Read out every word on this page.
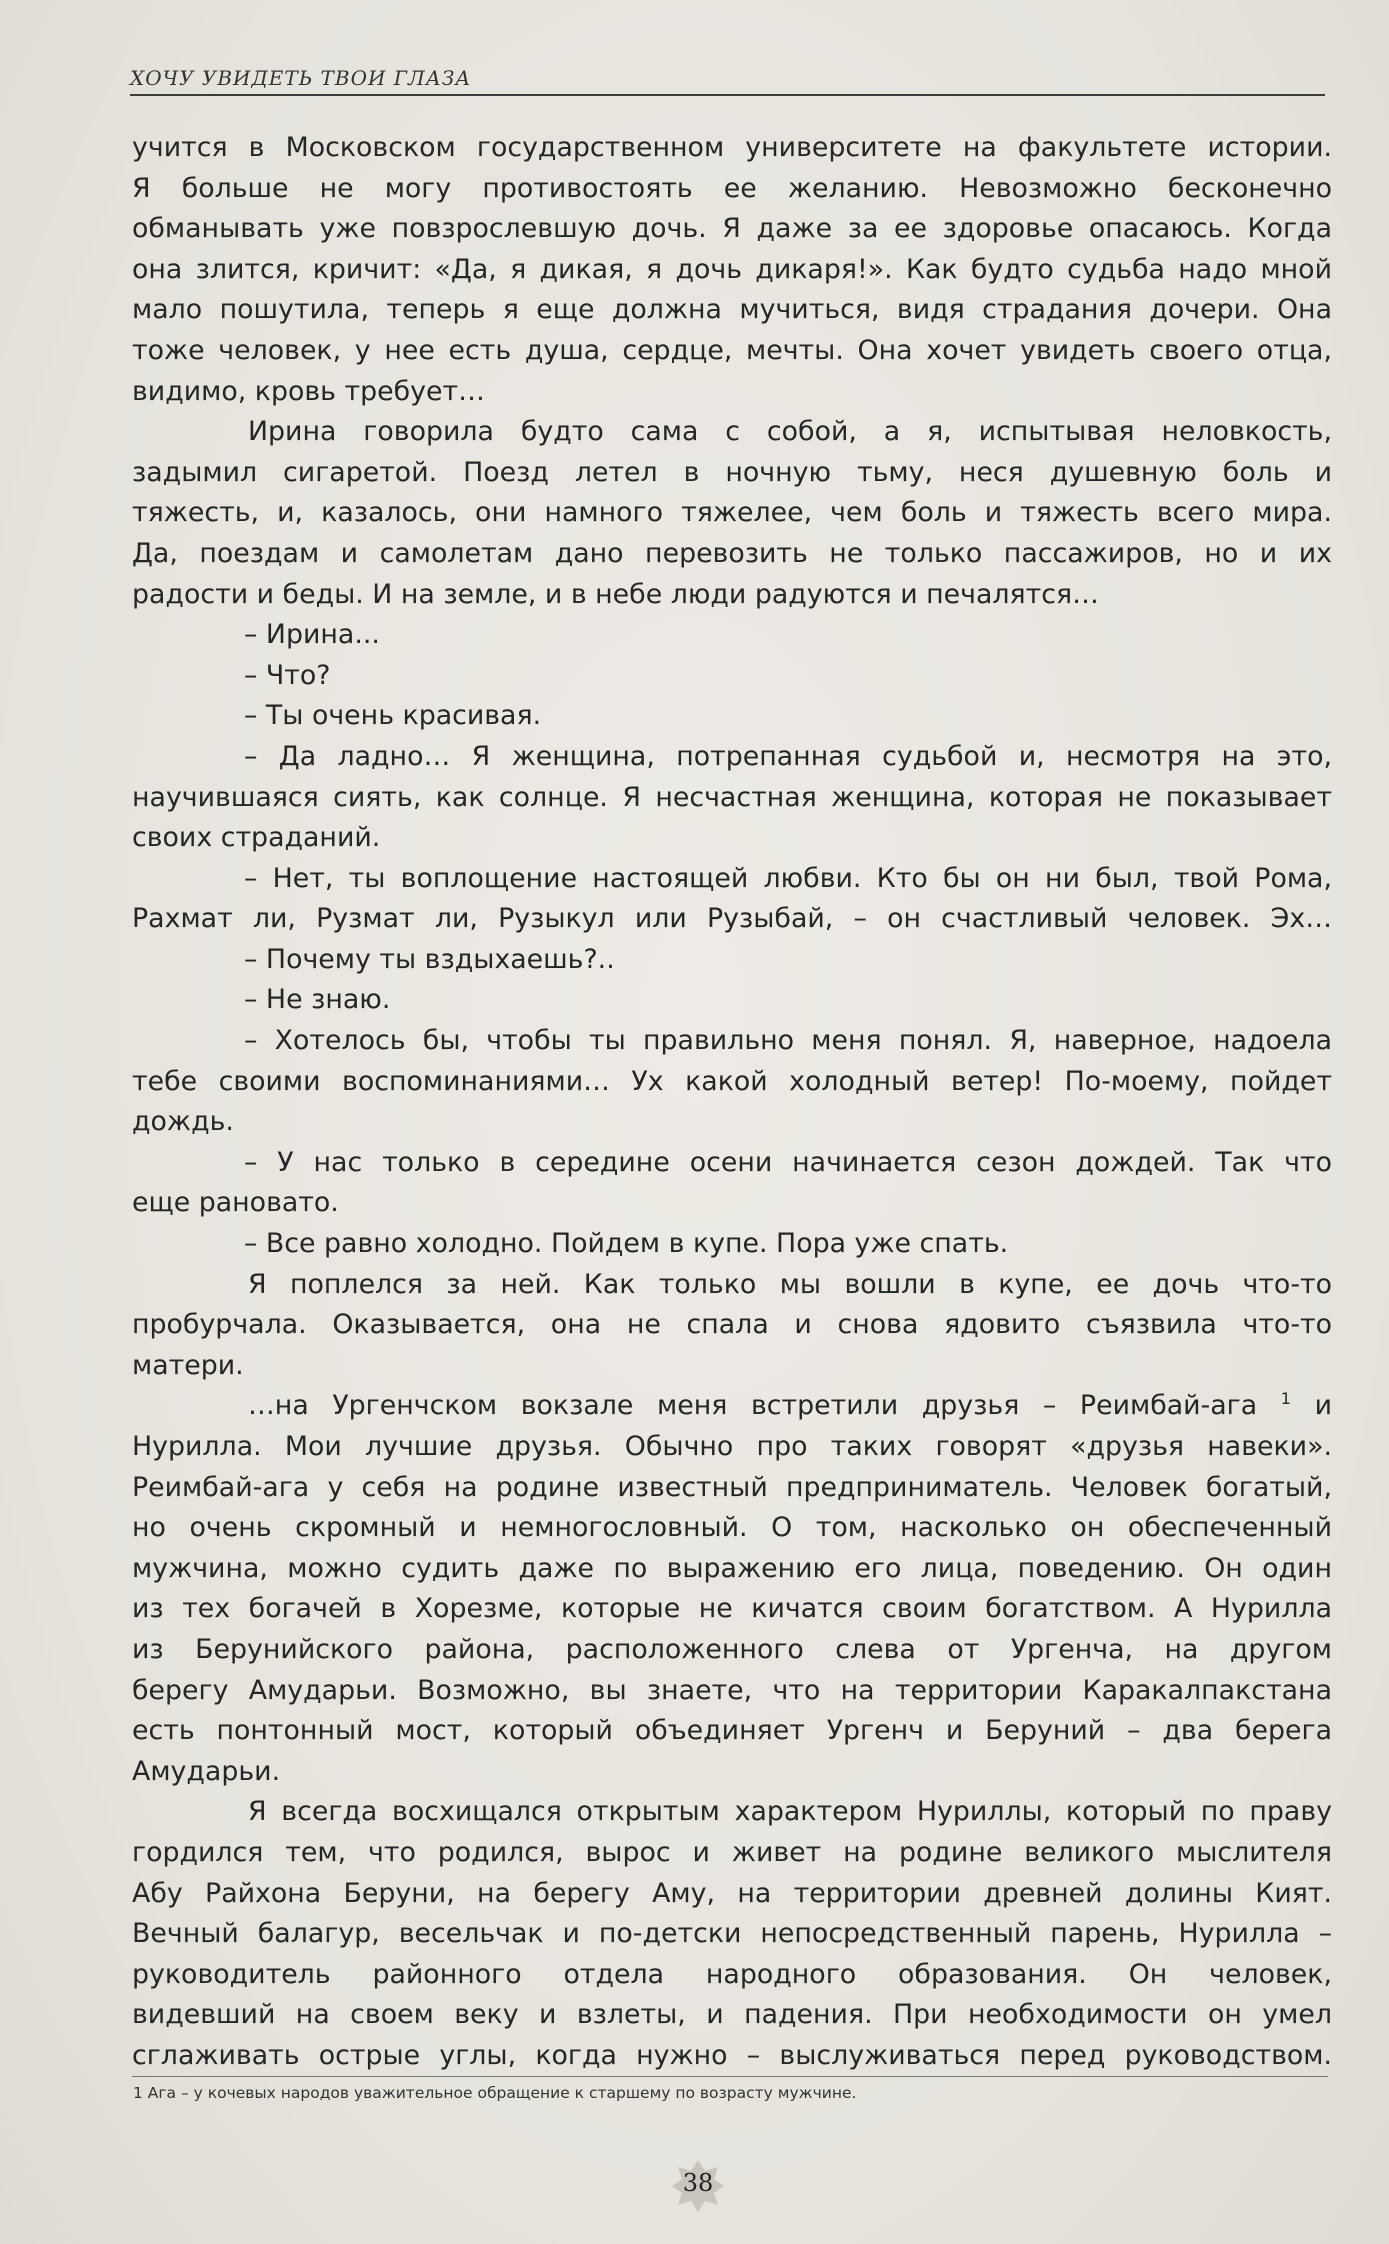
ХОЧУ УВИДЕТЬ ТВОИ ГЛАЗА
учится в Московском государственном университете на факультете истории.
Я больше не могу противостоять ее желанию. Невозможно бесконечно
обманывать уже повзрослевшую дочь. Я даже за ее здоровье опасаюсь. Когда
она злится, кричит: «Да, я дикая, я дочь дикаря!». Как будто судьба надо мной
мало пошутила, теперь я еще должна мучиться, видя страдания дочери. Она
тоже человек, у нее есть душа, сердце, мечты. Она хочет увидеть своего отца,
видимо, кровь требует…
Ирина говорила будто сама с собой, а я, испытывая неловкость,
задымил сигаретой. Поезд летел в ночную тьму, неся душевную боль и
тяжесть, и, казалось, они намного тяжелее, чем боль и тяжесть всего мира.
Да, поездам и самолетам дано перевозить не только пассажиров, но и их
радости и беды. И на земле, и в небе люди радуются и печалятся…
– Ирина...
– Что?
– Ты очень красивая.
– Да ладно… Я женщина, потрепанная судьбой и, несмотря на это,
научившаяся сиять, как солнце. Я несчастная женщина, которая не показывает
своих страданий.
– Нет, ты воплощение настоящей любви. Кто бы он ни был, твой Рома,
Рахмат ли, Рузмат ли, Рузыкул или Рузыбай, – он счастливый человек. Эх…
– Почему ты вздыхаешь?..
– Не знаю.
– Хотелось бы, чтобы ты правильно меня понял. Я, наверное, надоела
тебе своими воспоминаниями… Ух какой холодный ветер! По-моему, пойдет
дождь.
– У нас только в середине осени начинается сезон дождей. Так что
еще рановато.
– Все равно холодно. Пойдем в купе. Пора уже спать.
Я поплелся за ней. Как только мы вошли в купе, ее дочь что-то
пробурчала. Оказывается, она не спала и снова ядовито съязвила что-то
матери.
…на Ургенчском вокзале меня встретили друзья – Реимбай-ага $^1$ и
Нурилла. Мои лучшие друзья. Обычно про таких говорят «друзья навеки».
Реимбай-ага у себя на родине известный предприниматель. Человек богатый,
но очень скромный и немногословный. О том, насколько он обеспеченный
мужчина, можно судить даже по выражению его лица, поведению. Он один
из тех богачей в Хорезме, которые не кичатся своим богатством. А Нурилла
из Берунийского района, расположенного слева от Ургенча, на другом
берегу Амударьи. Возможно, вы знаете, что на территории Каракалпакстана
есть понтонный мост, который объединяет Ургенч и Беруний – два берега
Амударьи.
Я всегда восхищался открытым характером Нуриллы, который по праву
гордился тем, что родился, вырос и живет на родине великого мыслителя
Абу Райхона Беруни, на берегу Аму, на территории древней долины Кият.
Вечный балагур, весельчак и по-детски непосредственный парень, Нурилла –
руководитель районного отдела народного образования. Он человек,
видевший на своем веку и взлеты, и падения. При необходимости он умел
сглаживать острые углы, когда нужно – выслуживаться перед руководством.
1 Ага – у кочевых народов уважительное обращение к старшему по возрасту мужчине.
38
